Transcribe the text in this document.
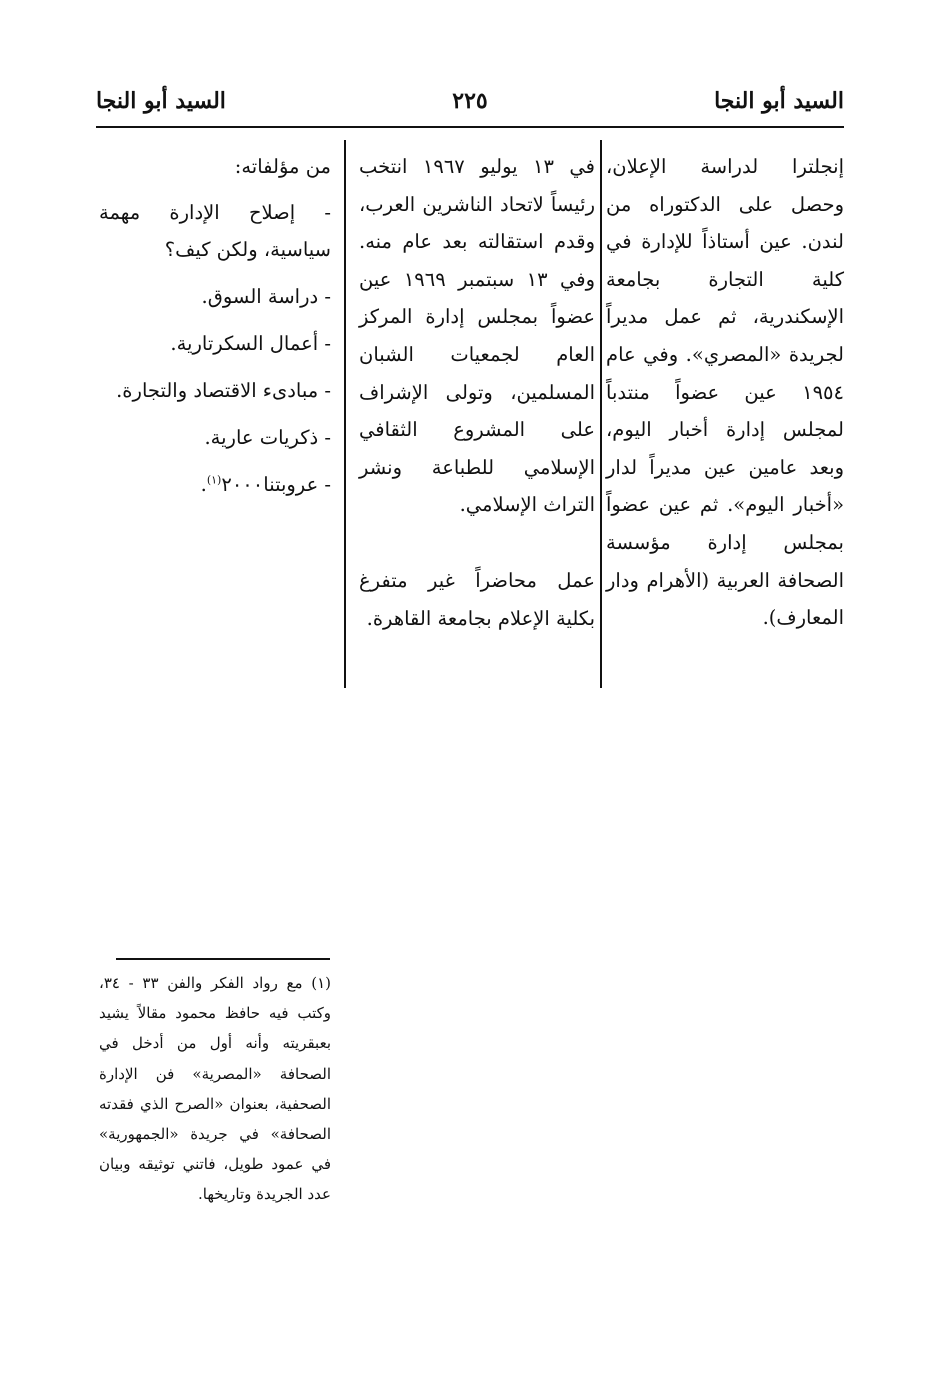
السيد أبو النجا
٢٢٥
السيد أبو النجا

إنجلترا لدراسة الإعلان، وحصل على الدكتوراه من لندن. عين أستاذاً للإدارة في كلية التجارة بجامعة الإسكندرية، ثم عمل مديراً لجريدة «المصري». وفي عام ١٩٥٤ عين عضواً منتدباً لمجلس إدارة أخبار اليوم، وبعد عامين عين مديراً لدار «أخبار اليوم». ثم عين عضواً بمجلس إدارة مؤسسة الصحافة العربية (الأهرام ودار المعارف).

في ١٣ يوليو ١٩٦٧ انتخب رئيساً لاتحاد الناشرين العرب، وقدم استقالته بعد عام منه. وفي ١٣ سبتمبر ١٩٦٩ عين عضواً بمجلس إدارة المركز العام لجمعيات الشبان المسلمين، وتولى الإشراف على المشروع الثقافي الإسلامي للطباعة ونشر التراث الإسلامي.

عمل محاضراً غير متفرغ بكلية الإعلام بجامعة القاهرة.

من مؤلفاته:

- إصلاح الإدارة مهمة سياسية، ولكن كيف؟
- دراسة السوق.
- أعمال السكرتارية.
- مبادىء الاقتصاد والتجارة.
- ذكريات عارية.
- عروبتنا٢٠٠٠$^{(١)}$.

(١) مع رواد الفكر والفن ٣٣ - ٣٤، وكتب فيه حافظ محمود مقالاً يشيد بعبقريته وأنه أول من أدخل في الصحافة «المصرية» فن الإدارة الصحفية، بعنوان «الصرح الذي فقدته الصحافة» في جريدة «الجمهورية» في عمود طويل، فاتني توثيقه وبيان عدد الجريدة وتاريخها.
